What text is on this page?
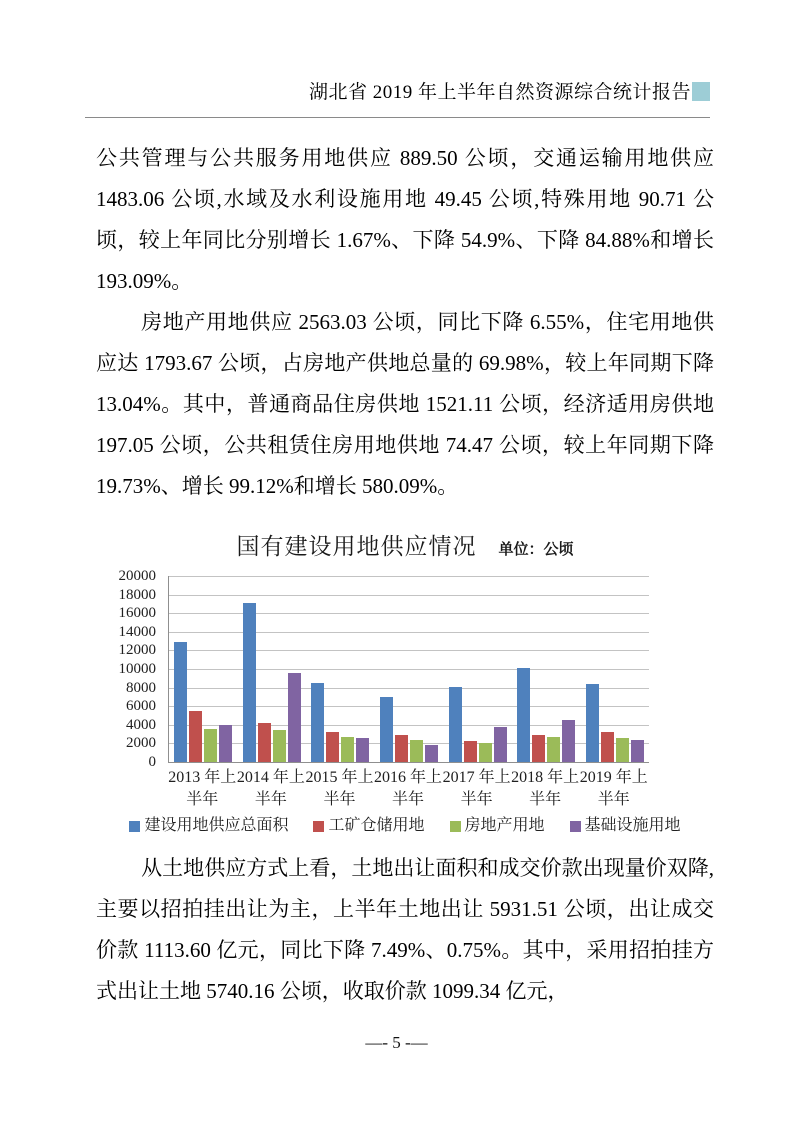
湖北省 2019 年上半年自然资源综合统计报告

公共管理与公共服务用地供应 889.50 公顷，交通运输用地供应 1483.06 公顷,水域及水利设施用地 49.45 公顷,特殊用地 90.71 公顷，较上年同比分别增长 1.67%、下降 54.9%、下降 84.88%和增长 193.09%。

房地产用地供应 2563.03 公顷，同比下降 6.55%，住宅用地供应达 1793.67 公顷，占房地产供地总量的 69.98%，较上年同期下降 13.04%。其中，普通商品住房供地 1521.11 公顷，经济适用房供地 197.05 公顷，公共租赁住房用地供地 74.47 公顷，较上年同期下降 19.73%、增长 99.12%和增长 580.09%。

国有建设用地供应情况 单位：公顷
20000
18000
16000
14000
12000
10000
8000
6000
4000
2000
0
2013 年上
半年
2014 年上
半年
2015 年上
半年
2016 年上
半年
2017 年上
半年
2018 年上
半年
2019 年上
半年
建设用地供应总面积	工矿仓储用地	房地产用地	基础设施用地

从土地供应方式上看，土地出让面积和成交价款出现量价双降,主要以招拍挂出让为主，上半年土地出让 5931.51 公顷，出让成交价款 1113.60 亿元，同比下降 7.49%、0.75%。其中，采用招拍挂方式出让土地 5740.16 公顷，收取价款 1099.34 亿元，

—- 5 -—
